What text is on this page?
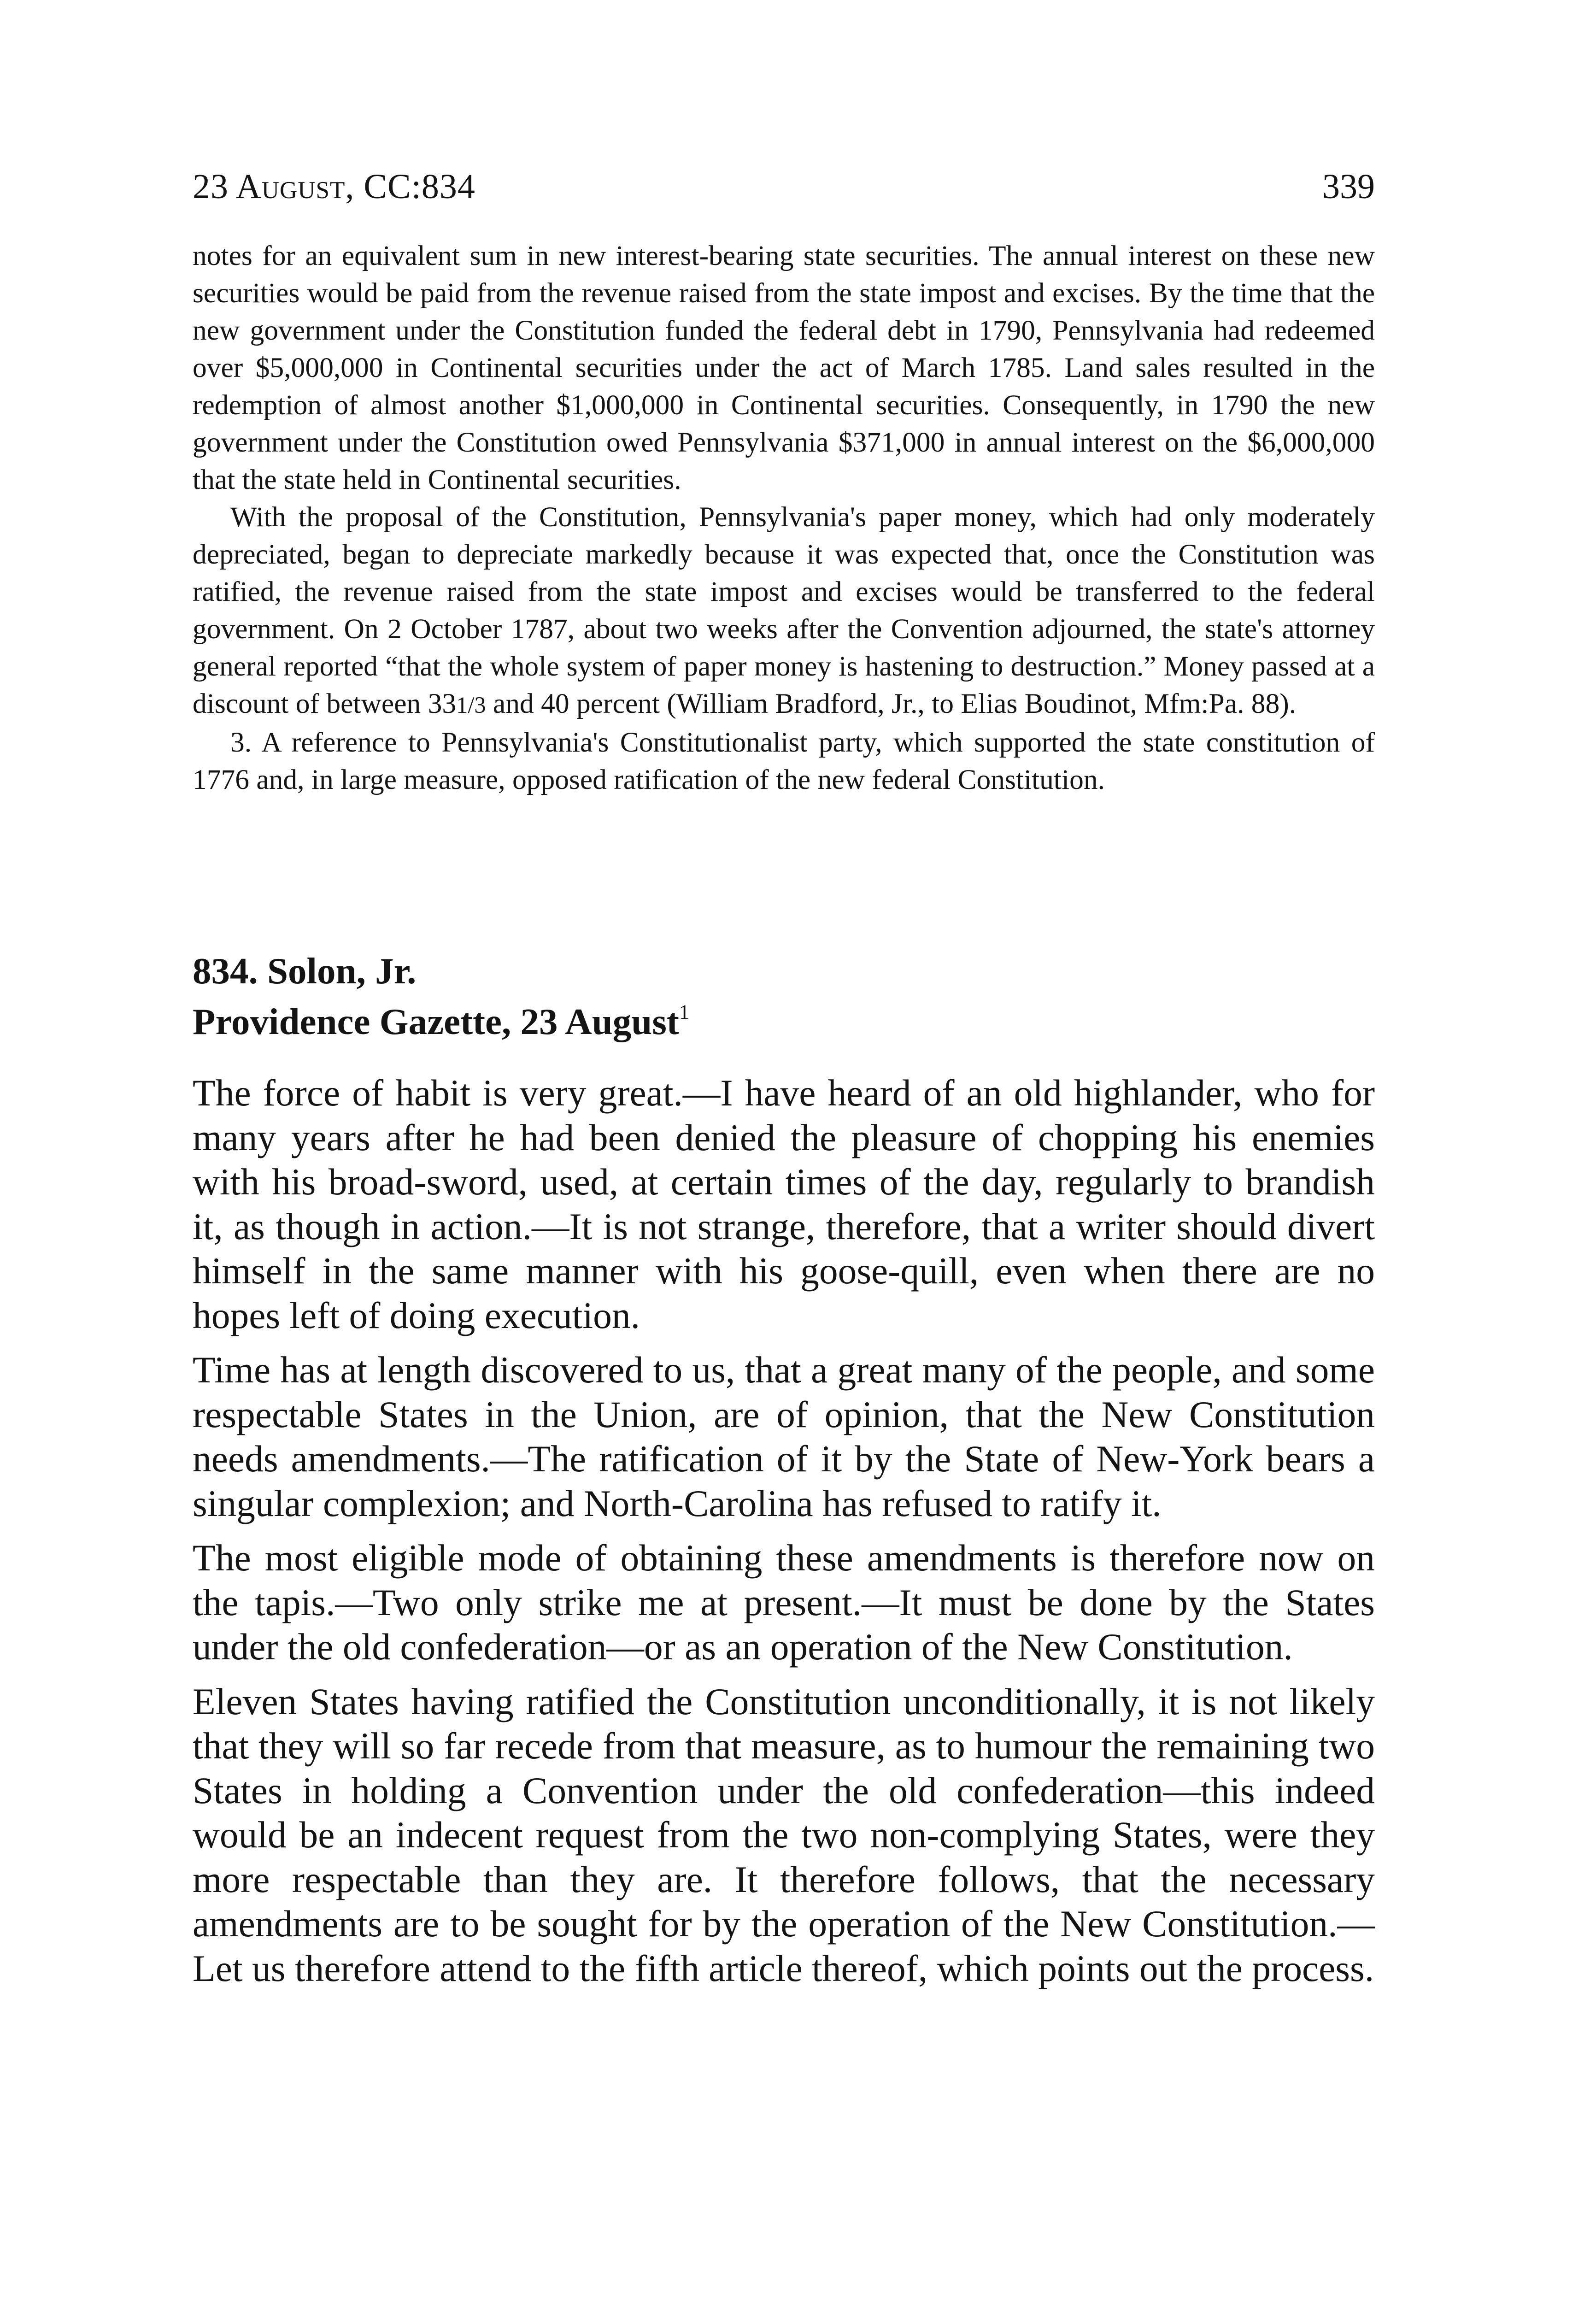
23 August, CC:834	339

notes for an equivalent sum in new interest-bearing state securities. The annual interest on these new securities would be paid from the revenue raised from the state impost and excises. By the time that the new government under the Constitution funded the federal debt in 1790, Pennsylvania had redeemed over $5,000,000 in Continental securities under the act of March 1785. Land sales resulted in the redemption of almost another $1,000,000 in Continental securities. Consequently, in 1790 the new government under the Constitution owed Pennsylvania $371,000 in annual interest on the $6,000,000 that the state held in Continental securities.

With the proposal of the Constitution, Pennsylvania's paper money, which had only moderately depreciated, began to depreciate markedly because it was expected that, once the Constitution was ratified, the revenue raised from the state impost and excises would be transferred to the federal government. On 2 October 1787, about two weeks after the Convention adjourned, the state's attorney general reported “that the whole system of paper money is hastening to destruction.” Money passed at a discount of between 331/3 and 40 percent (William Bradford, Jr., to Elias Boudinot, Mfm:Pa. 88).

3. A reference to Pennsylvania's Constitutionalist party, which supported the state constitution of 1776 and, in large measure, opposed ratification of the new federal Constitution.

834. Solon, Jr.
Providence Gazette, 23 August$^1$

The force of habit is very great.—I have heard of an old highlander, who for many years after he had been denied the pleasure of chopping his enemies with his broad-sword, used, at certain times of the day, regularly to brandish it, as though in action.—It is not strange, therefore, that a writer should divert himself in the same manner with his goose-quill, even when there are no hopes left of doing execution.

Time has at length discovered to us, that a great many of the people, and some respectable States in the Union, are of opinion, that the New Constitution needs amendments.—The ratification of it by the State of New-York bears a singular complexion; and North-Carolina has refused to ratify it.

The most eligible mode of obtaining these amendments is therefore now on the tapis.—Two only strike me at present.—It must be done by the States under the old confederation—or as an operation of the New Constitution.

Eleven States having ratified the Constitution unconditionally, it is not likely that they will so far recede from that measure, as to humour the remaining two States in holding a Convention under the old confederation—this indeed would be an indecent request from the two non-complying States, were they more respectable than they are. It therefore follows, that the necessary amendments are to be sought for by the operation of the New Constitution.—Let us therefore attend to the fifth article thereof, which points out the process.
